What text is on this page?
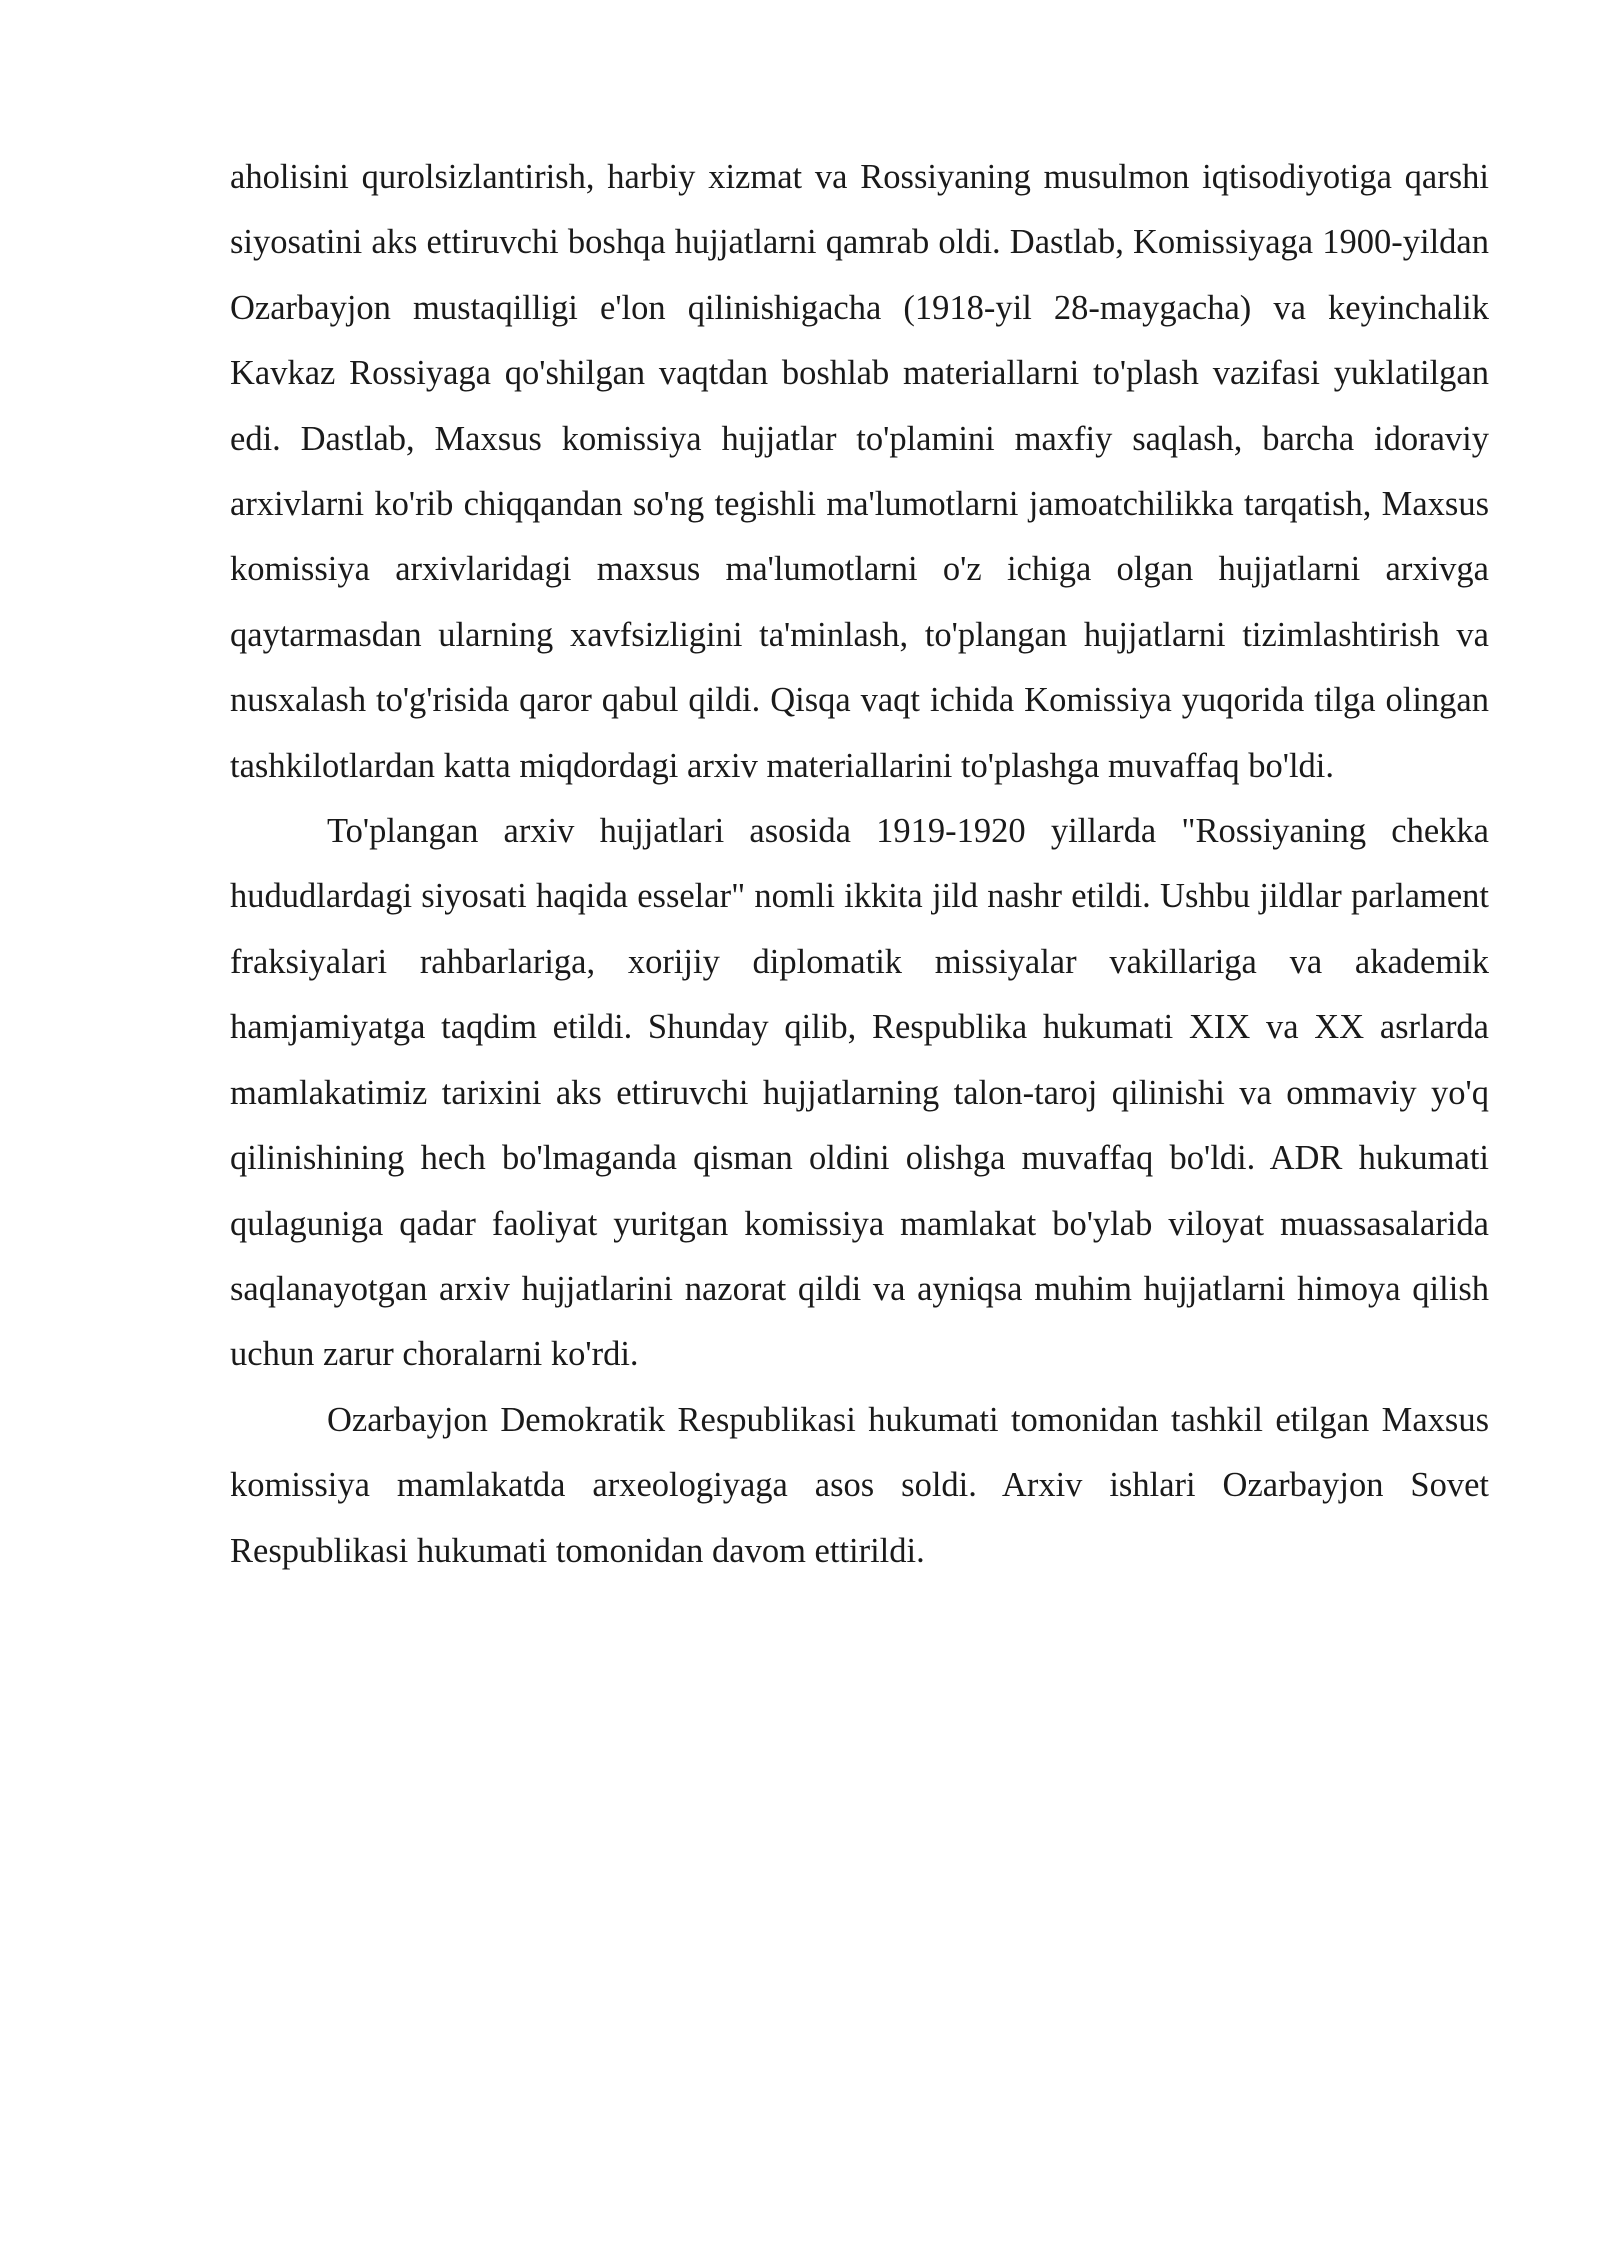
aholisini qurolsizlantirish, harbiy xizmat va Rossiyaning musulmon iqtisodiyotiga qarshi siyosatini aks ettiruvchi boshqa hujjatlarni qamrab oldi. Dastlab, Komissiyaga 1900-yildan Ozarbayjon mustaqilligi e'lon qilinishigacha (1918-yil 28-maygacha) va keyinchalik Kavkaz Rossiyaga qo'shilgan vaqtdan boshlab materiallarni to'plash vazifasi yuklatilgan edi. Dastlab, Maxsus komissiya hujjatlar to'plamini maxfiy saqlash, barcha idoraviy arxivlarni ko'rib chiqqandan so'ng tegishli ma'lumotlarni jamoatchilikka tarqatish, Maxsus komissiya arxivlaridagi maxsus ma'lumotlarni o'z ichiga olgan hujjatlarni arxivga qaytarmasdan ularning xavfsizligini ta'minlash, to'plangan hujjatlarni tizimlashtirish va nusxalash to'g'risida qaror qabul qildi. Qisqa vaqt ichida Komissiya yuqorida tilga olingan tashkilotlardan katta miqdordagi arxiv materiallarini to'plashga muvaffaq bo'ldi.

To'plangan arxiv hujjatlari asosida 1919-1920 yillarda "Rossiyaning chekka hududlardagi siyosati haqida esselar" nomli ikkita jild nashr etildi. Ushbu jildlar parlament fraksiyalari rahbarlariga, xorijiy diplomatik missiyalar vakillariga va akademik hamjamiyatga taqdim etildi. Shunday qilib, Respublika hukumati XIX va XX asrlarda mamlakatimiz tarixini aks ettiruvchi hujjatlarning talon-taroj qilinishi va ommaviy yo'q qilinishining hech bo'lmaganda qisman oldini olishga muvaffaq bo'ldi. ADR hukumati qulaguniga qadar faoliyat yuritgan komissiya mamlakat bo'ylab viloyat muassasalarida saqlanayotgan arxiv hujjatlarini nazorat qildi va ayniqsa muhim hujjatlarni himoya qilish uchun zarur choralarni ko'rdi.

Ozarbayjon Demokratik Respublikasi hukumati tomonidan tashkil etilgan Maxsus komissiya mamlakatda arxeologiyaga asos soldi. Arxiv ishlari Ozarbayjon Sovet Respublikasi hukumati tomonidan davom ettirildi.
